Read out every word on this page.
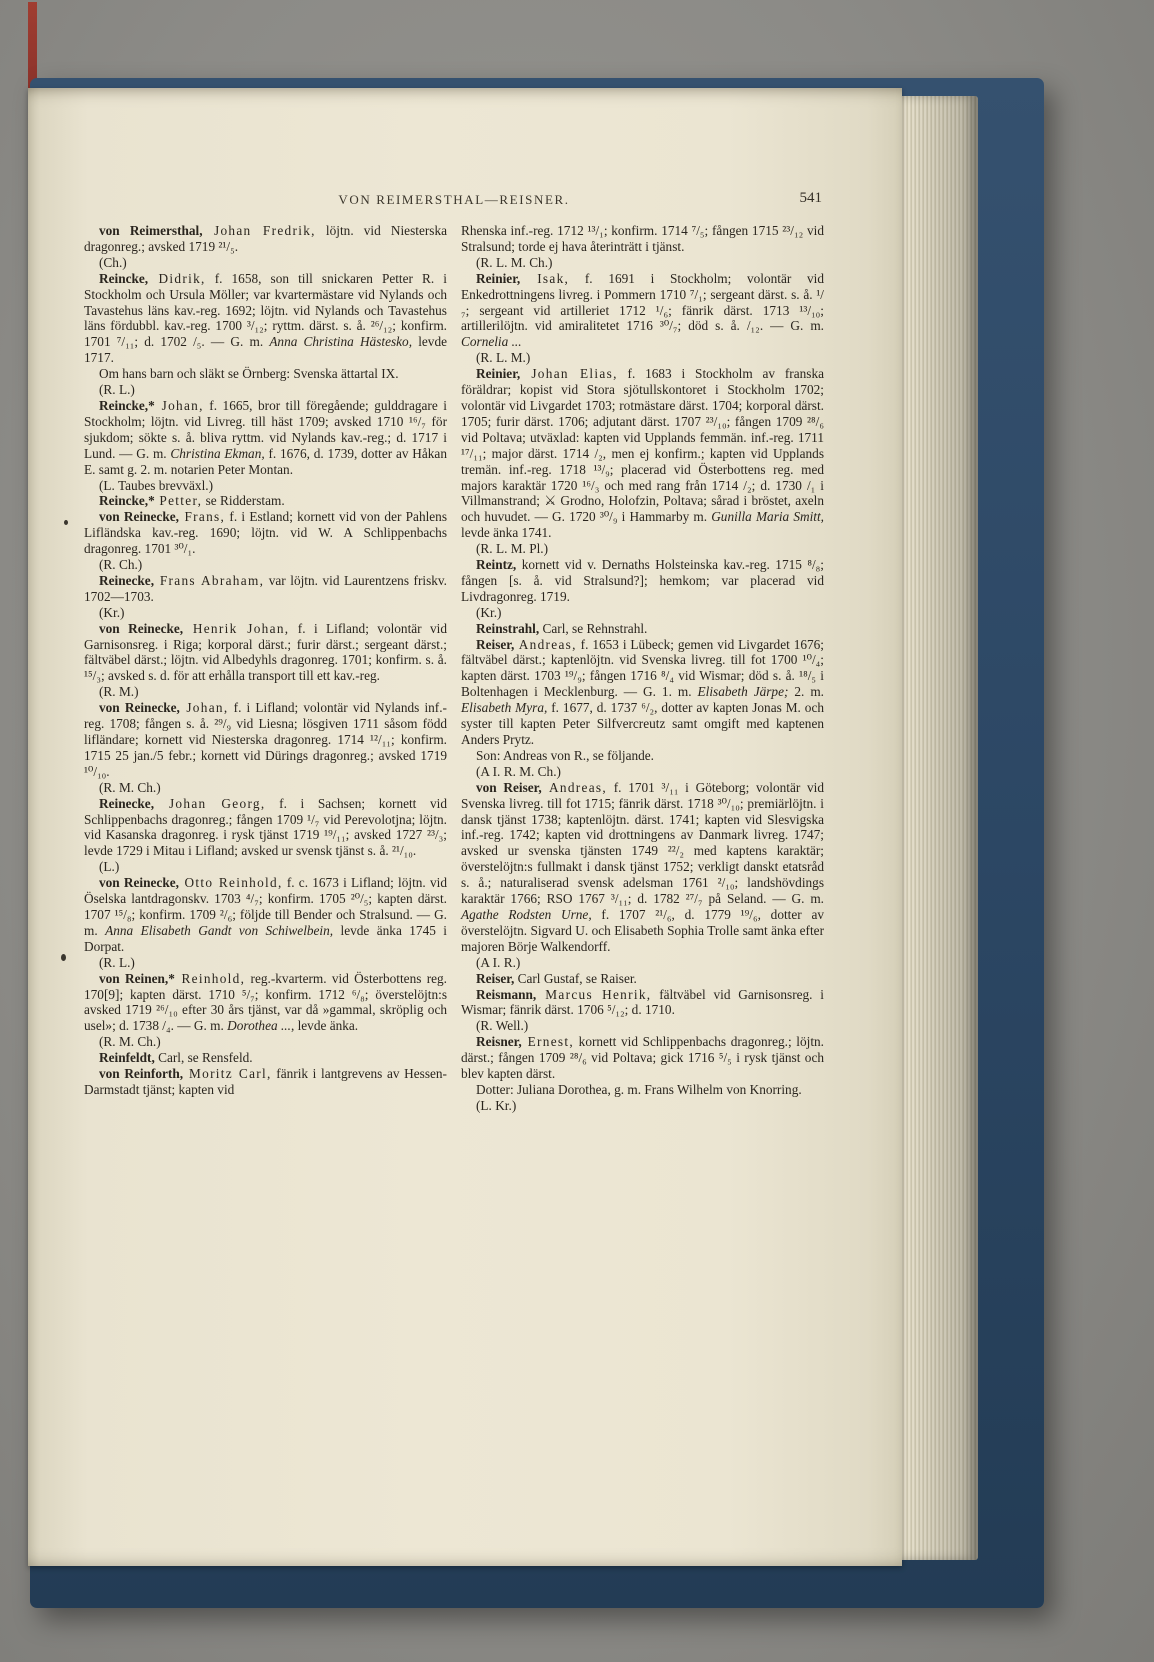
VON REIMERSTHAL—REISNER.	541

von Reimersthal, Johan Fredrik, löjtn. vid Niesterska dragonreg.; avsked 1719 ²¹/₅.

(Ch.)

Reincke, Didrik, f. 1658, son till snickaren Petter R. i Stockholm och Ursula Möller; var kvartermästare vid Nylands och Tavastehus läns kav.-reg. 1692; löjtn. vid Nylands och Tavastehus läns fördubbl. kav.-reg. 1700 ³/₁₂; ryttm. därst. s. å. ²⁶/₁₂; konfirm. 1701 ⁷/₁₁; d. 1702 /₅. — G. m. Anna Christina Hästesko, levde 1717.

Om hans barn och släkt se Örnberg: Svenska ättartal IX.

(R. L.)

Reincke,* Johan, f. 1665, bror till föregående; gulddragare i Stockholm; löjtn. vid Livreg. till häst 1709; avsked 1710 ¹⁶/₇ för sjukdom; sökte s. å. bliva ryttm. vid Nylands kav.-reg.; d. 1717 i Lund. — G. m. Christina Ekman, f. 1676, d. 1739, dotter av Håkan E. samt g. 2. m. notarien Peter Montan.

(L. Taubes brevväxl.)

Reincke,* Petter, se Ridderstam.

von Reinecke, Frans, f. i Estland; kornett vid von der Pahlens Lifländska kav.-reg. 1690; löjtn. vid W. A Schlippenbachs dragonreg. 1701 ³⁰/₁.

(R. Ch.)

Reinecke, Frans Abraham, var löjtn. vid Laurentzens friskv. 1702—1703.

(Kr.)

von Reinecke, Henrik Johan, f. i Lifland; volontär vid Garnisonsreg. i Riga; korporal därst.; furir därst.; sergeant därst.; fältväbel därst.; löjtn. vid Albedyhls dragonreg. 1701; konfirm. s. å. ¹⁵/₃; avsked s. d. för att erhålla transport till ett kav.-reg.

(R. M.)

von Reinecke, Johan, f. i Lifland; volontär vid Nylands inf.-reg. 1708; fången s. å. ²⁹/₉ vid Liesna; lösgiven 1711 såsom född lifländare; kornett vid Niesterska dragonreg. 1714 ¹²/₁₁; konfirm. 1715 25 jan./5 febr.; kornett vid Dürings dragonreg.; avsked 1719 ¹⁰/₁₀.

(R. M. Ch.)

Reinecke, Johan Georg, f. i Sachsen; kornett vid Schlippenbachs dragonreg.; fången 1709 ¹/₇ vid Perevolotjna; löjtn. vid Kasanska dragonreg. i rysk tjänst 1719 ¹⁹/₁₁; avsked 1727 ²³/₃; levde 1729 i Mitau i Lifland; avsked ur svensk tjänst s. å. ²¹/₁₀.

(L.)

von Reinecke, Otto Reinhold, f. c. 1673 i Lifland; löjtn. vid Öselska lantdragonskv. 1703 ⁴/₇; konfirm. 1705 ²⁰/₅; kapten därst. 1707 ¹⁵/₈; konfirm. 1709 ²/₆; följde till Bender och Stralsund. — G. m. Anna Elisabeth Gandt von Schiwelbein, levde änka 1745 i Dorpat.

(R. L.)

von Reinen,* Reinhold, reg.-kvarterm. vid Österbottens reg. 170[9]; kapten därst. 1710 ⁵/₇; konfirm. 1712 ⁶/₈; överstelöjtn:s avsked 1719 ²⁶/₁₀ efter 30 års tjänst, var då »gammal, skröplig och usel»; d. 1738 /₄. — G. m. Dorothea ..., levde änka.

(R. M. Ch.)

Reinfeldt, Carl, se Rensfeld.

von Reinforth, Moritz Carl, fänrik i lantgrevens av Hessen-Darmstadt tjänst; kapten vid

Rhenska inf.-reg. 1712 ¹³/₁; konfirm. 1714 ⁷/₅; fången 1715 ²³/₁₂ vid Stralsund; torde ej hava återinträtt i tjänst.

(R. L. M. Ch.)

Reinier, Isak, f. 1691 i Stockholm; volontär vid Enkedrottningens livreg. i Pommern 1710 ⁷/₁; sergeant därst. s. å. ¹/₇; sergeant vid artilleriet 1712 ¹/₆; fänrik därst. 1713 ¹³/₁₀; artillerilöjtn. vid amiralitetet 1716 ³⁰/₇; död s. å. /₁₂. — G. m. Cornelia ...

(R. L. M.)

Reinier, Johan Elias, f. 1683 i Stockholm av franska föräldrar; kopist vid Stora sjötullskontoret i Stockholm 1702; volontär vid Livgardet 1703; rotmästare därst. 1704; korporal därst. 1705; furir därst. 1706; adjutant därst. 1707 ²³/₁₀; fången 1709 ²⁸/₆ vid Poltava; utväxlad: kapten vid Upplands femmän. inf.-reg. 1711 ¹⁷/₁₁; major därst. 1714 /₂, men ej konfirm.; kapten vid Upplands tremän. inf.-reg. 1718 ¹³/₉; placerad vid Österbottens reg. med majors karaktär 1720 ¹⁶/₃ och med rang från 1714 /₂; d. 1730 /₁ i Villmanstrand; ⚔ Grodno, Holofzin, Poltava; sårad i bröstet, axeln och huvudet. — G. 1720 ³⁰/₉ i Hammarby m. Gunilla Maria Smitt, levde änka 1741.

(R. L. M. Pl.)

Reintz, kornett vid v. Dernaths Holsteinska kav.-reg. 1715 ⁸/₈; fången [s. å. vid Stralsund?]; hemkom; var placerad vid Livdragonreg. 1719.

(Kr.)

Reinstrahl, Carl, se Rehnstrahl.

Reiser, Andreas, f. 1653 i Lübeck; gemen vid Livgardet 1676; fältväbel därst.; kaptenlöjtn. vid Svenska livreg. till fot 1700 ¹⁰/₄; kapten därst. 1703 ¹⁹/₉; fången 1716 ⁸/₄ vid Wismar; död s. å. ¹⁸/₅ i Boltenhagen i Mecklenburg. — G. 1. m. Elisabeth Järpe; 2. m. Elisabeth Myra, f. 1677, d. 1737 ⁶/₂, dotter av kapten Jonas M. och syster till kapten Peter Silfvercreutz samt omgift med kaptenen Anders Prytz.

Son: Andreas von R., se följande.

(A I. R. M. Ch.)

von Reiser, Andreas, f. 1701 ³/₁₁ i Göteborg; volontär vid Svenska livreg. till fot 1715; fänrik därst. 1718 ³⁰/₁₀; premiärlöjtn. i dansk tjänst 1738; kaptenlöjtn. därst. 1741; kapten vid Slesvigska inf.-reg. 1742; kapten vid drottningens av Danmark livreg. 1747; avsked ur svenska tjänsten 1749 ²²/₂ med kaptens karaktär; överstelöjtn:s fullmakt i dansk tjänst 1752; verkligt danskt etatsråd s. å.; naturaliserad svensk adelsman 1761 ²/₁₀; landshövdings karaktär 1766; RSO 1767 ³/₁₁; d. 1782 ²⁷/₇ på Seland. — G. m. Agathe Rodsten Urne, f. 1707 ²¹/₆, d. 1779 ¹⁹/₆, dotter av överstelöjtn. Sigvard U. och Elisabeth Sophia Trolle samt änka efter majoren Börje Walkendorff.

(A I. R.)

Reiser, Carl Gustaf, se Raiser.

Reismann, Marcus Henrik, fältväbel vid Garnisonsreg. i Wismar; fänrik därst. 1706 ⁵/₁₂; d. 1710.

(R. Well.)

Reisner, Ernest, kornett vid Schlippenbachs dragonreg.; löjtn. därst.; fången 1709 ²⁸/₆ vid Poltava; gick 1716 ⁵/₅ i rysk tjänst och blev kapten därst.

Dotter: Juliana Dorothea, g. m. Frans Wilhelm von Knorring.

(L. Kr.)
